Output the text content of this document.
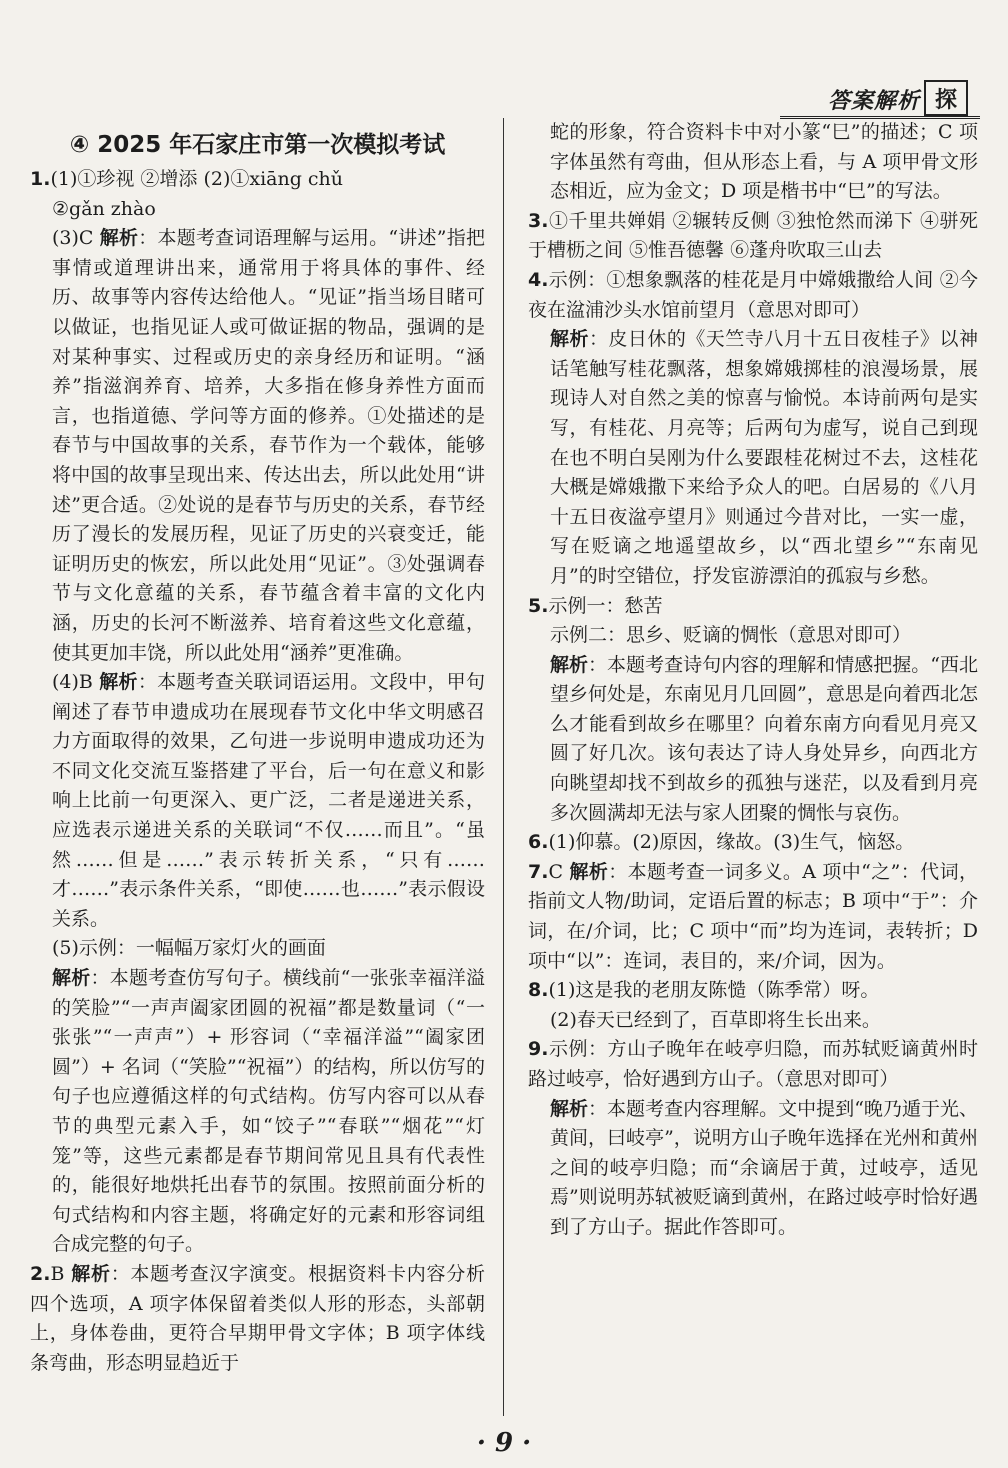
答案解析 探
④ 2025 年石家庄市第一次模拟考试

1.(1)①珍视 ②增添 (2)①xiāng chǔ

②gǎn zhào

(3)C 解析：本题考查词语理解与运用。“讲述”指把事情或道理讲出来，通常用于将具体的事件、经历、故事等内容传达给他人。“见证”指当场目睹可以做证，也指见证人或可做证据的物品，强调的是对某种事实、过程或历史的亲身经历和证明。“涵养”指滋润养育、培养，大多指在修身养性方面而言，也指道德、学问等方面的修养。①处描述的是春节与中国故事的关系，春节作为一个载体，能够将中国的故事呈现出来、传达出去，所以此处用“讲述”更合适。②处说的是春节与历史的关系，春节经历了漫长的发展历程，见证了历史的兴衰变迁，能证明历史的恢宏，所以此处用“见证”。③处强调春节与文化意蕴的关系，春节蕴含着丰富的文化内涵，历史的长河不断滋养、培育着这些文化意蕴，使其更加丰饶，所以此处用“涵养”更准确。

(4)B 解析：本题考查关联词语运用。文段中，甲句阐述了春节申遗成功在展现春节文化中华文明感召力方面取得的效果，乙句进一步说明申遗成功还为不同文化交流互鉴搭建了平台，后一句在意义和影响上比前一句更深入、更广泛，二者是递进关系，应选表示递进关系的关联词“不仅……而且”。“虽然……但是……”表示转折关系，“只有……才……”表示条件关系，“即使……也……”表示假设关系。

(5)示例：一幅幅万家灯火的画面

解析：本题考查仿写句子。横线前“一张张幸福洋溢的笑脸”“一声声阖家团圆的祝福”都是数量词（“一张张”“一声声”）+ 形容词（“幸福洋溢”“阖家团圆”）+ 名词（“笑脸”“祝福”）的结构，所以仿写的句子也应遵循这样的句式结构。仿写内容可以从春节的典型元素入手，如“饺子”“春联”“烟花”“灯笼”等，这些元素都是春节期间常见且具有代表性的，能很好地烘托出春节的氛围。按照前面分析的句式结构和内容主题，将确定好的元素和形容词组合成完整的句子。

2.B 解析：本题考查汉字演变。根据资料卡内容分析四个选项，A 项字体保留着类似人形的形态，头部朝上，身体卷曲，更符合早期甲骨文字体；B 项字体线条弯曲，形态明显趋近于

蛇的形象，符合资料卡中对小篆“巳”的描述；C 项字体虽然有弯曲，但从形态上看，与 A 项甲骨文形态相近，应为金文；D 项是楷书中“巳”的写法。

3.①千里共婵娟 ②辗转反侧 ③独怆然而涕下 ④骈死于槽枥之间 ⑤惟吾德馨 ⑥蓬舟吹取三山去

4.示例：①想象飘落的桂花是月中嫦娥撒给人间 ②今夜在湓浦沙头水馆前望月（意思对即可）

解析：皮日休的《天竺寺八月十五日夜桂子》以神话笔触写桂花飘落，想象嫦娥掷桂的浪漫场景，展现诗人对自然之美的惊喜与愉悦。本诗前两句是实写，有桂花、月亮等；后两句为虚写，说自己到现在也不明白吴刚为什么要跟桂花树过不去，这桂花大概是嫦娥撒下来给予众人的吧。白居易的《八月十五日夜湓亭望月》则通过今昔对比，一实一虚，写在贬谪之地遥望故乡，以“西北望乡”“东南见月”的时空错位，抒发宦游漂泊的孤寂与乡愁。

5.示例一：愁苦

示例二：思乡、贬谪的惆怅（意思对即可）

解析：本题考查诗句内容的理解和情感把握。“西北望乡何处是，东南见月几回圆”，意思是向着西北怎么才能看到故乡在哪里？向着东南方向看见月亮又圆了好几次。该句表达了诗人身处异乡，向西北方向眺望却找不到故乡的孤独与迷茫，以及看到月亮多次圆满却无法与家人团聚的惆怅与哀伤。

6.(1)仰慕。(2)原因，缘故。(3)生气，恼怒。

7.C 解析：本题考查一词多义。A 项中“之”：代词，指前文人物/助词，定语后置的标志；B 项中“于”：介词，在/介词，比；C 项中“而”均为连词，表转折；D 项中“以”：连词，表目的，来/介词，因为。

8.(1)这是我的老朋友陈慥（陈季常）呀。

(2)春天已经到了，百草即将生长出来。

9.示例：方山子晚年在岐亭归隐，而苏轼贬谪黄州时路过岐亭，恰好遇到方山子。（意思对即可）

解析：本题考查内容理解。文中提到“晚乃遁于光、黄间，曰岐亭”，说明方山子晚年选择在光州和黄州之间的岐亭归隐；而“余谪居于黄，过岐亭，适见焉”则说明苏轼被贬谪到黄州，在路过岐亭时恰好遇到了方山子。据此作答即可。

· 9 ·
